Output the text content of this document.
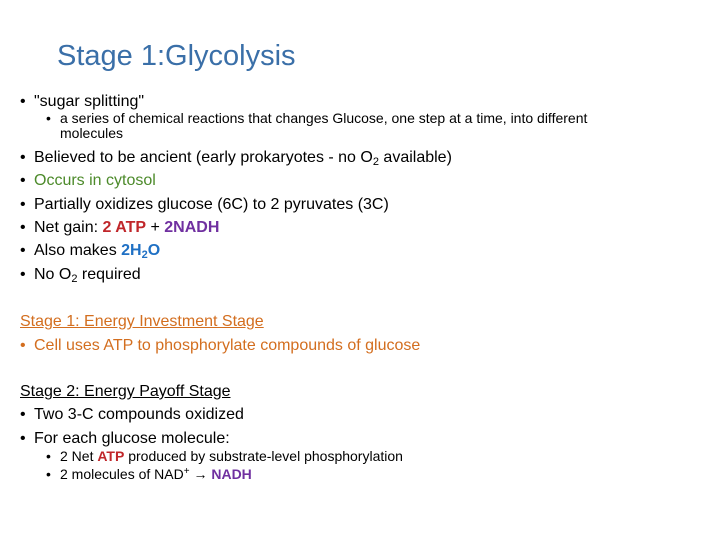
Stage 1:Glycolysis
• "sugar splitting"
• a series of chemical reactions that changes Glucose, one step at a time, into different
molecules
• Believed to be ancient (early prokaryotes - no $O_2$ available)
• Occurs in cytosol
• Partially oxidizes glucose (6C) to 2 pyruvates (3C)
• Net gain: 2 ATP + 2NADH
• Also makes $2H_2O$
• No $O_2$ required
Stage 1: Energy Investment Stage
• Cell uses ATP to phosphorylate compounds of glucose
Stage 2: Energy Payoff Stage
• Two 3-C compounds oxidized
• For each glucose molecule:
• 2 Net ATP produced by substrate-level phosphorylation
• 2 molecules of NAD+ → NADH
